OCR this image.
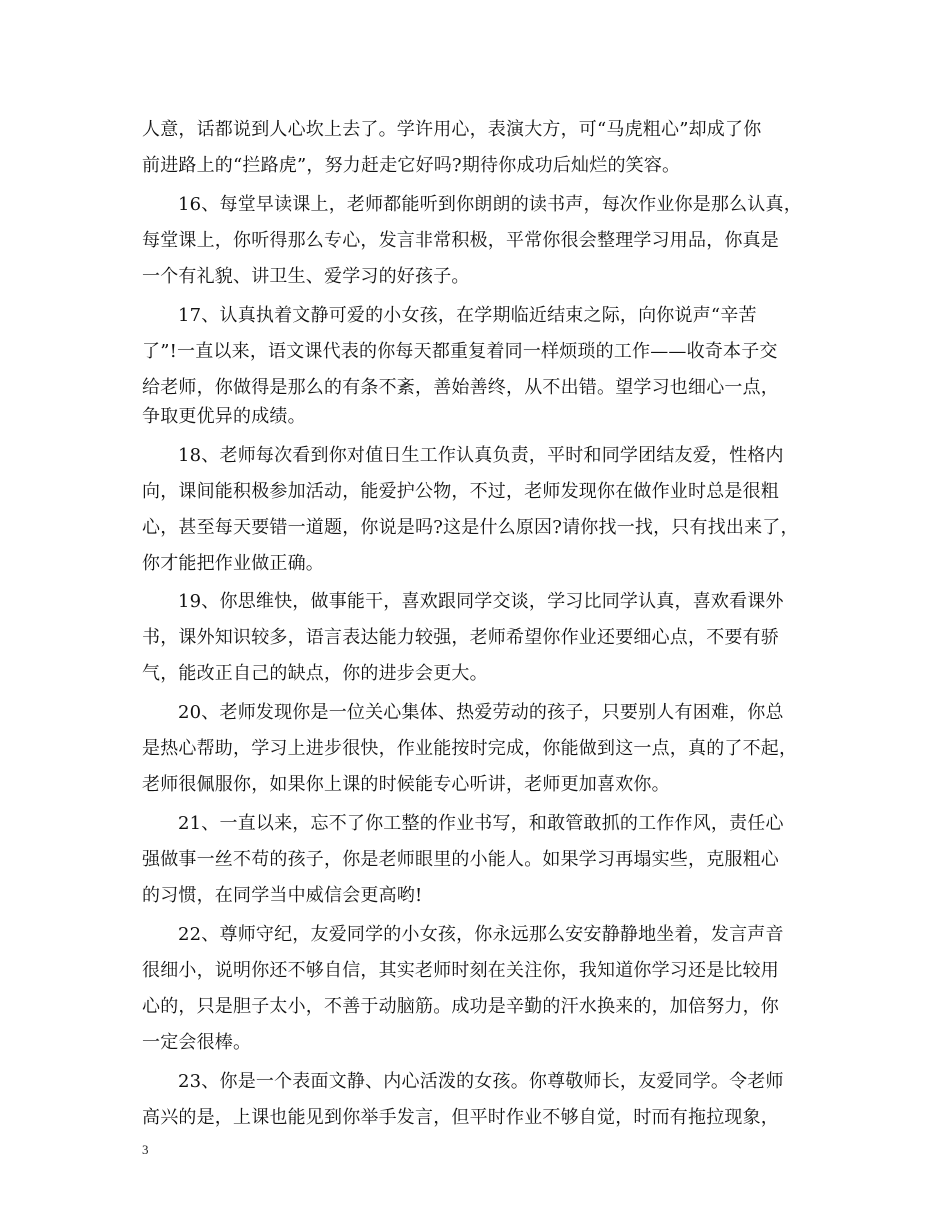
人意，话都说到人心坎上去了。学许用心，表演大方，可“马虎粗心”却成了你
前进路上的“拦路虎”，努力赶走它好吗?期待你成功后灿烂的笑容。
16、每堂早读课上，老师都能听到你朗朗的读书声，每次作业你是那么认真，
每堂课上，你听得那么专心，发言非常积极，平常你很会整理学习用品，你真是
一个有礼貌、讲卫生、爱学习的好孩子。
17、认真执着文静可爱的小女孩，在学期临近结束之际，向你说声“辛苦
了”!一直以来，语文课代表的你每天都重复着同一样烦琐的工作——收奇本子交
给老师，你做得是那么的有条不紊，善始善终，从不出错。望学习也细心一点，
争取更优异的成绩。
18、老师每次看到你对值日生工作认真负责，平时和同学团结友爱，性格内
向，课间能积极参加活动，能爱护公物，不过，老师发现你在做作业时总是很粗
心，甚至每天要错一道题，你说是吗?这是什么原因?请你找一找，只有找出来了，
你才能把作业做正确。
19、你思维快，做事能干，喜欢跟同学交谈，学习比同学认真，喜欢看课外
书，课外知识较多，语言表达能力较强，老师希望你作业还要细心点，不要有骄
气，能改正自己的缺点，你的进步会更大。
20、老师发现你是一位关心集体、热爱劳动的孩子，只要别人有困难，你总
是热心帮助，学习上进步很快，作业能按时完成，你能做到这一点，真的了不起，
老师很佩服你，如果你上课的时候能专心听讲，老师更加喜欢你。
21、一直以来，忘不了你工整的作业书写，和敢管敢抓的工作作风，责任心
强做事一丝不苟的孩子，你是老师眼里的小能人。如果学习再塌实些，克服粗心
的习惯，在同学当中威信会更高哟!
22、尊师守纪，友爱同学的小女孩，你永远那么安安静静地坐着，发言声音
很细小，说明你还不够自信，其实老师时刻在关注你，我知道你学习还是比较用
心的，只是胆子太小，不善于动脑筋。成功是辛勤的汗水换来的，加倍努力，你
一定会很棒。
23、你是一个表面文静、内心活泼的女孩。你尊敬师长，友爱同学。令老师
高兴的是，上课也能见到你举手发言，但平时作业不够自觉，时而有拖拉现象，
3
